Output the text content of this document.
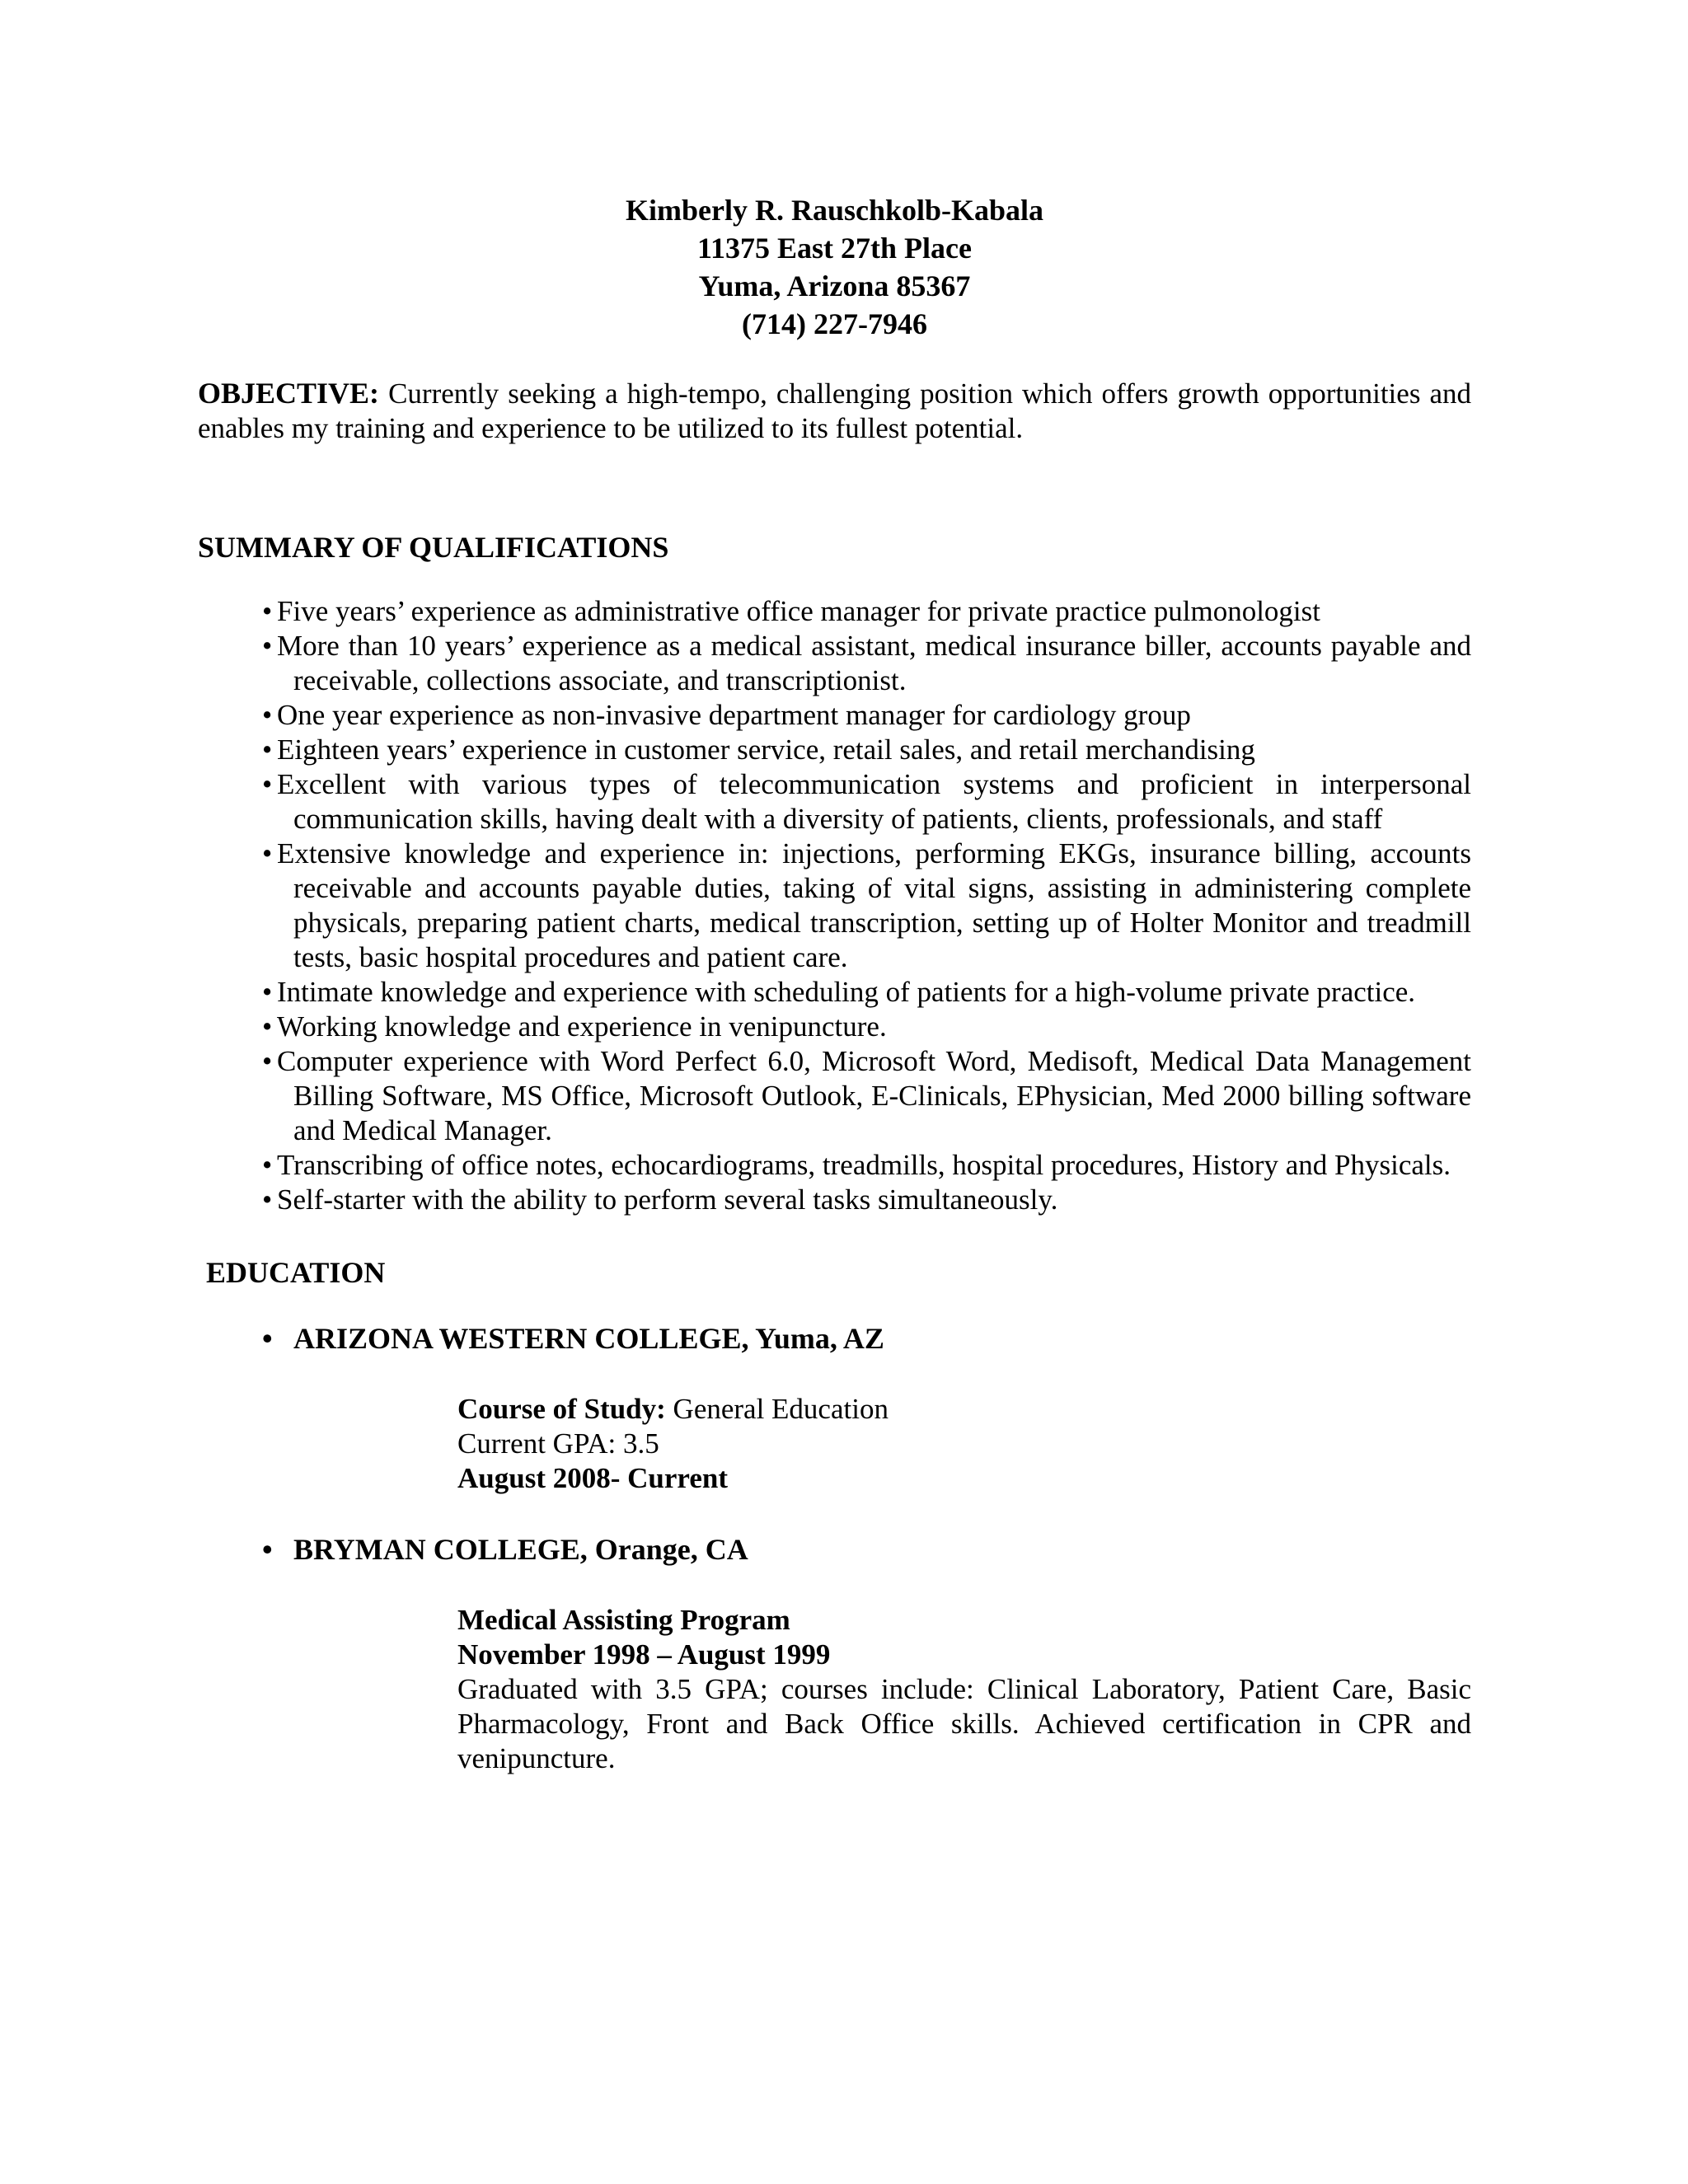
Kimberly R. Rauschkolb-Kabala
11375 East 27th Place
Yuma, Arizona 85367
(714) 227-7946
OBJECTIVE: Currently seeking a high-tempo, challenging position which offers growth opportunities and enables my training and experience to be utilized to its fullest potential.
SUMMARY OF QUALIFICATIONS
• Five years’ experience as administrative office manager for private practice pulmonologist
• More than 10 years’ experience as a medical assistant, medical insurance biller, accounts payable and receivable, collections associate, and transcriptionist.
• One year experience as non-invasive department manager for cardiology group
• Eighteen years’ experience in customer service, retail sales, and retail merchandising
• Excellent with various types of telecommunication systems and proficient in interpersonal communication skills, having dealt with a diversity of patients, clients, professionals, and staff
• Extensive knowledge and experience in: injections, performing EKGs, insurance billing, accounts receivable and accounts payable duties, taking of vital signs, assisting in administering complete physicals, preparing patient charts, medical transcription, setting up of Holter Monitor and treadmill tests, basic hospital procedures and patient care.
• Intimate knowledge and experience with scheduling of patients for a high-volume private practice.
• Working knowledge and experience in venipuncture.
• Computer experience with Word Perfect 6.0, Microsoft Word, Medisoft, Medical Data Management Billing Software, MS Office, Microsoft Outlook, E-Clinicals, EPhysician, Med 2000 billing software and Medical Manager.
• Transcribing of office notes, echocardiograms, treadmills, hospital procedures, History and Physicals.
• Self-starter with the ability to perform several tasks simultaneously.
EDUCATION
• ARIZONA WESTERN COLLEGE, Yuma, AZ
Course of Study: General Education
Current GPA: 3.5
August 2008- Current
• BRYMAN COLLEGE, Orange, CA
Medical Assisting Program
November 1998 – August 1999
Graduated with 3.5 GPA; courses include: Clinical Laboratory, Patient Care, Basic Pharmacology, Front and Back Office skills. Achieved certification in CPR and venipuncture.
